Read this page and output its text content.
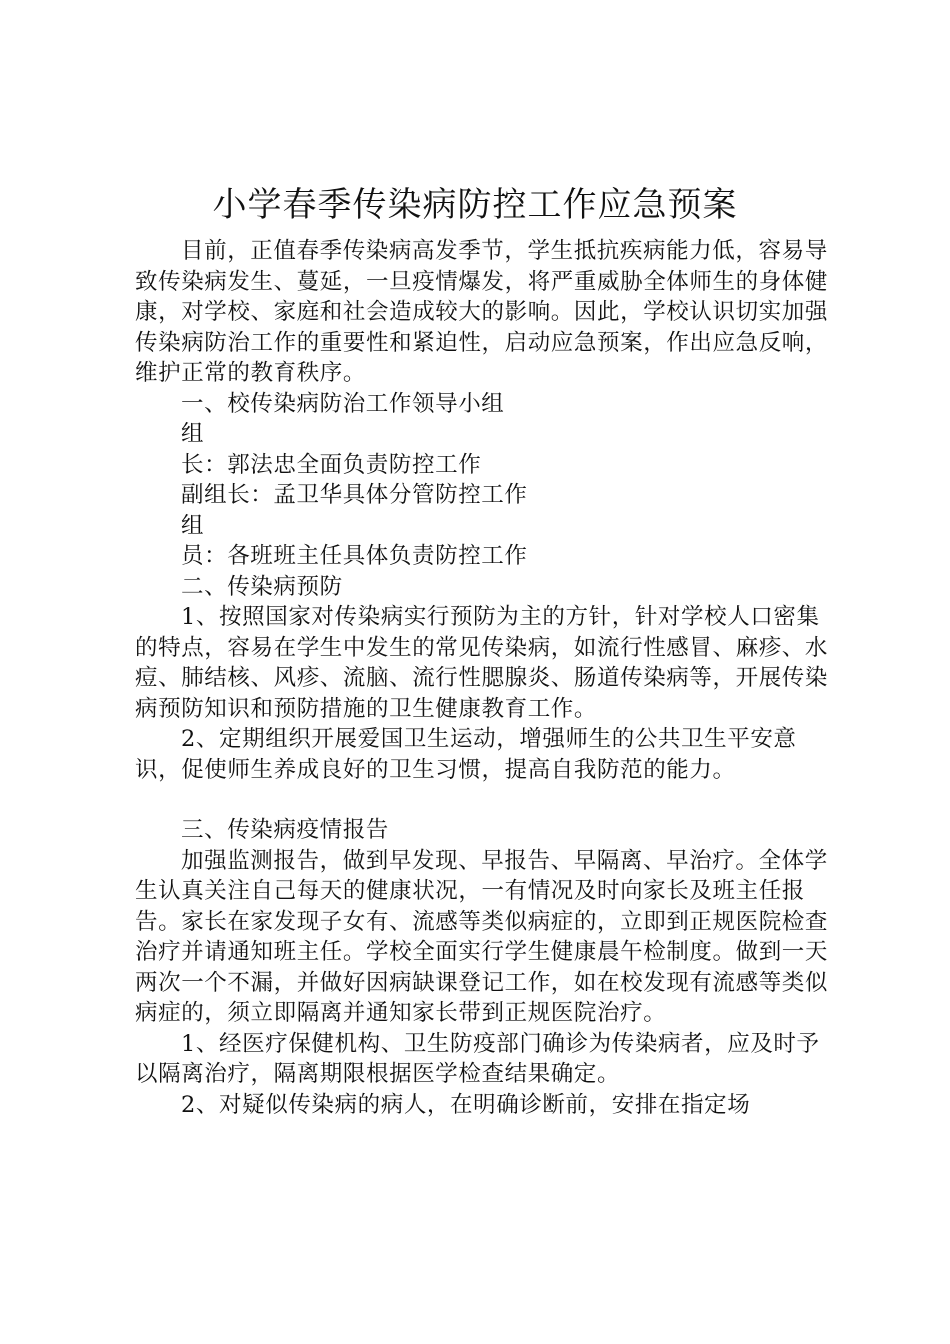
小学春季传染病防控工作应急预案

目前，正值春季传染病高发季节，学生抵抗疾病能力低，容易导致传染病发生、蔓延，一旦疫情爆发，将严重威胁全体师生的身体健康，对学校、家庭和社会造成较大的影响。因此，学校认识切实加强传染病防治工作的重要性和紧迫性，启动应急预案，作出应急反响，维护正常的教育秩序。

一、校传染病防治工作领导小组

组

长：郭法忠全面负责防控工作

副组长：孟卫华具体分管防控工作

组

员：各班班主任具体负责防控工作

二、传染病预防

1、按照国家对传染病实行预防为主的方针，针对学校人口密集的特点，容易在学生中发生的常见传染病，如流行性感冒、麻疹、水痘、肺结核、风疹、流脑、流行性腮腺炎、肠道传染病等，开展传染病预防知识和预防措施的卫生健康教育工作。

2、定期组织开展爱国卫生运动，增强师生的公共卫生平安意识，促使师生养成良好的卫生习惯，提高自我防范的能力。

三、传染病疫情报告

加强监测报告，做到早发现、早报告、早隔离、早治疗。全体学生认真关注自己每天的健康状况，一有情况及时向家长及班主任报告。家长在家发现子女有、流感等类似病症的，立即到正规医院检查治疗并请通知班主任。学校全面实行学生健康晨午检制度。做到一天两次一个不漏，并做好因病缺课登记工作，如在校发现有流感等类似病症的，须立即隔离并通知家长带到正规医院治疗。

1、经医疗保健机构、卫生防疫部门确诊为传染病者，应及时予以隔离治疗，隔离期限根据医学检查结果确定。

2、对疑似传染病的病人，在明确诊断前，安排在指定场
